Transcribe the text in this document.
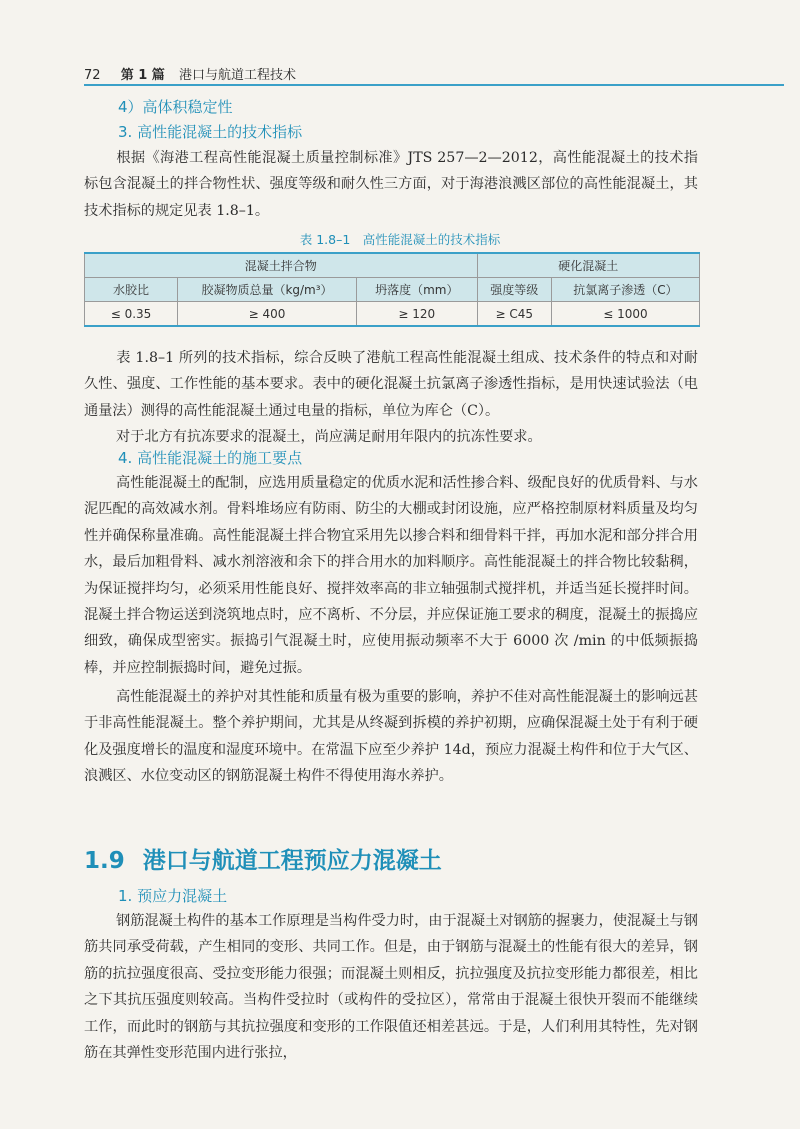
72 第 1 篇 港口与航道工程技术
4）高体积稳定性
3. 高性能混凝土的技术指标

根据《海港工程高性能混凝土质量控制标准》JTS 257—2—2012，高性能混凝土的技术指标包含混凝土的拌合物性状、强度等级和耐久性三方面，对于海港浪溅区部位的高性能混凝土，其技术指标的规定见表 1.8–1。

表 1.8–1　高性能混凝土的技术指标
混凝土拌合物			硬化混凝土	
水胶比	胶凝物质总量（kg/m³）	坍落度（mm）	强度等级	抗氯离子渗透（C）
≤ 0.35	≥ 400	≥ 120	≥ C45	≤ 1000

表 1.8–1 所列的技术指标，综合反映了港航工程高性能混凝土组成、技术条件的特点和对耐久性、强度、工作性能的基本要求。表中的硬化混凝土抗氯离子渗透性指标，是用快速试验法（电通量法）测得的高性能混凝土通过电量的指标，单位为库仑（C）。

对于北方有抗冻要求的混凝土，尚应满足耐用年限内的抗冻性要求。

4. 高性能混凝土的施工要点

高性能混凝土的配制，应选用质量稳定的优质水泥和活性掺合料、级配良好的优质骨料、与水泥匹配的高效减水剂。骨料堆场应有防雨、防尘的大棚或封闭设施，应严格控制原材料质量及均匀性并确保称量准确。高性能混凝土拌合物宜采用先以掺合料和细骨料干拌，再加水泥和部分拌合用水，最后加粗骨料、减水剂溶液和余下的拌合用水的加料顺序。高性能混凝土的拌合物比较黏稠，为保证搅拌均匀，必须采用性能良好、搅拌效率高的非立轴强制式搅拌机，并适当延长搅拌时间。混凝土拌合物运送到浇筑地点时，应不离析、不分层，并应保证施工要求的稠度，混凝土的振捣应细致，确保成型密实。振捣引气混凝土时，应使用振动频率不大于 6000 次 /min 的中低频振捣棒，并应控制振捣时间，避免过振。

高性能混凝土的养护对其性能和质量有极为重要的影响，养护不佳对高性能混凝土的影响远甚于非高性能混凝土。整个养护期间，尤其是从终凝到拆模的养护初期，应确保混凝土处于有利于硬化及强度增长的温度和湿度环境中。在常温下应至少养护 14d，预应力混凝土构件和位于大气区、浪溅区、水位变动区的钢筋混凝土构件不得使用海水养护。

1.9 港口与航道工程预应力混凝土
1. 预应力混凝土

钢筋混凝土构件的基本工作原理是当构件受力时，由于混凝土对钢筋的握裹力，使混凝土与钢筋共同承受荷载，产生相同的变形、共同工作。但是，由于钢筋与混凝土的性能有很大的差异，钢筋的抗拉强度很高、受拉变形能力很强；而混凝土则相反，抗拉强度及抗拉变形能力都很差，相比之下其抗压强度则较高。当构件受拉时（或构件的受拉区），常常由于混凝土很快开裂而不能继续工作，而此时的钢筋与其抗拉强度和变形的工作限值还相差甚远。于是，人们利用其特性，先对钢筋在其弹性变形范围内进行张拉，
